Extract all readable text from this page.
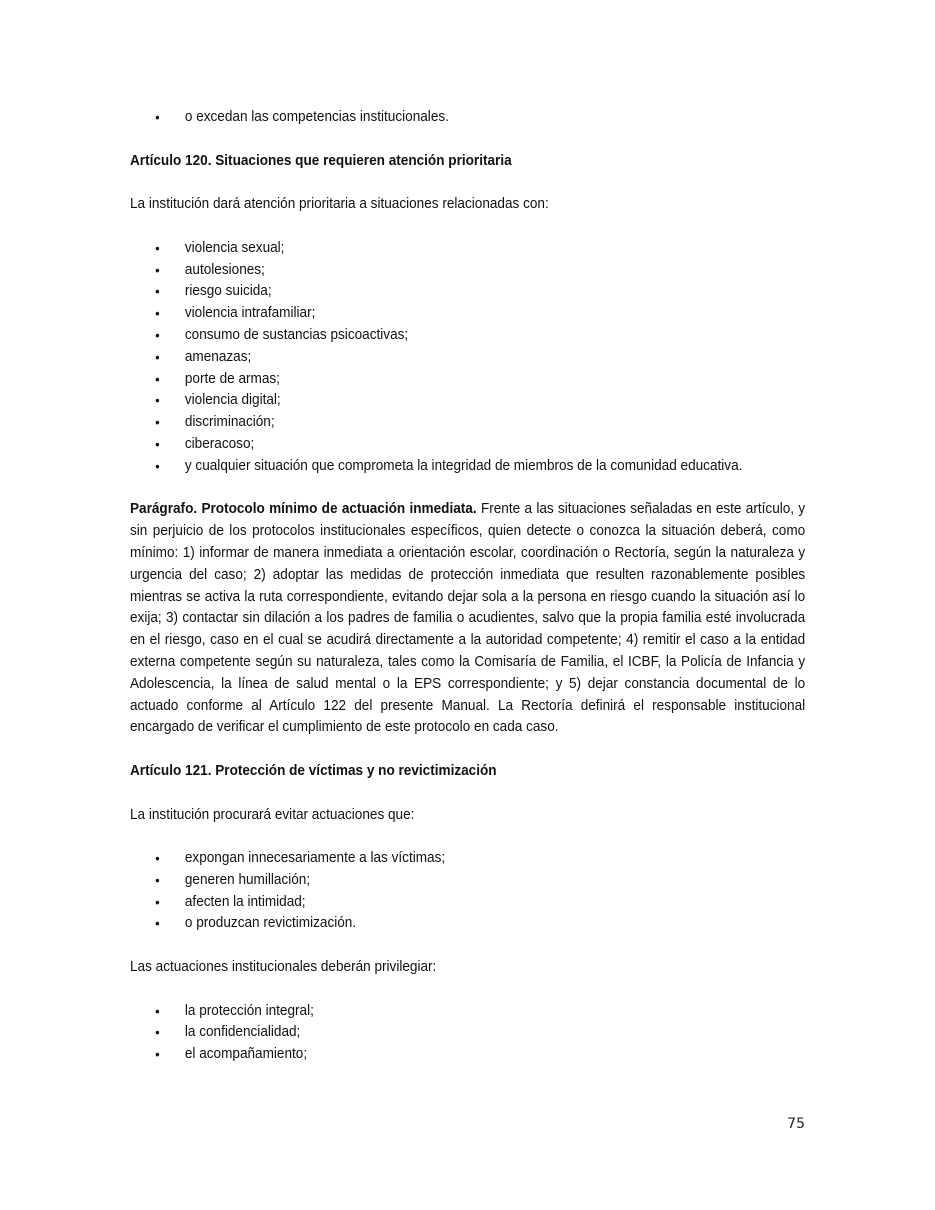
• o excedan las competencias institucionales.

Artículo 120. Situaciones que requieren atención prioritaria

La institución dará atención prioritaria a situaciones relacionadas con:

• violencia sexual;
• autolesiones;
• riesgo suicida;
• violencia intrafamiliar;
• consumo de sustancias psicoactivas;
• amenazas;
• porte de armas;
• violencia digital;
• discriminación;
• ciberacoso;
• y cualquier situación que comprometa la integridad de miembros de la comunidad educativa.

Parágrafo. Protocolo mínimo de actuación inmediata. Frente a las situaciones señaladas en este artículo, y sin perjuicio de los protocolos institucionales específicos, quien detecte o conozca la situación deberá, como mínimo: 1) informar de manera inmediata a orientación escolar, coordinación o Rectoría, según la naturaleza y urgencia del caso; 2) adoptar las medidas de protección inmediata que resulten razonablemente posibles mientras se activa la ruta correspondiente, evitando dejar sola a la persona en riesgo cuando la situación así lo exija; 3) contactar sin dilación a los padres de familia o acudientes, salvo que la propia familia esté involucrada en el riesgo, caso en el cual se acudirá directamente a la autoridad competente; 4) remitir el caso a la entidad externa competente según su naturaleza, tales como la Comisaría de Familia, el ICBF, la Policía de Infancia y Adolescencia, la línea de salud mental o la EPS correspondiente; y 5) dejar constancia documental de lo actuado conforme al Artículo 122 del presente Manual. La Rectoría definirá el responsable institucional encargado de verificar el cumplimiento de este protocolo en cada caso.

Artículo 121. Protección de víctimas y no revictimización

La institución procurará evitar actuaciones que:

• expongan innecesariamente a las víctimas;
• generen humillación;
• afecten la intimidad;
• o produzcan revictimización.

Las actuaciones institucionales deberán privilegiar:

• la protección integral;
• la confidencialidad;
• el acompañamiento;
75
